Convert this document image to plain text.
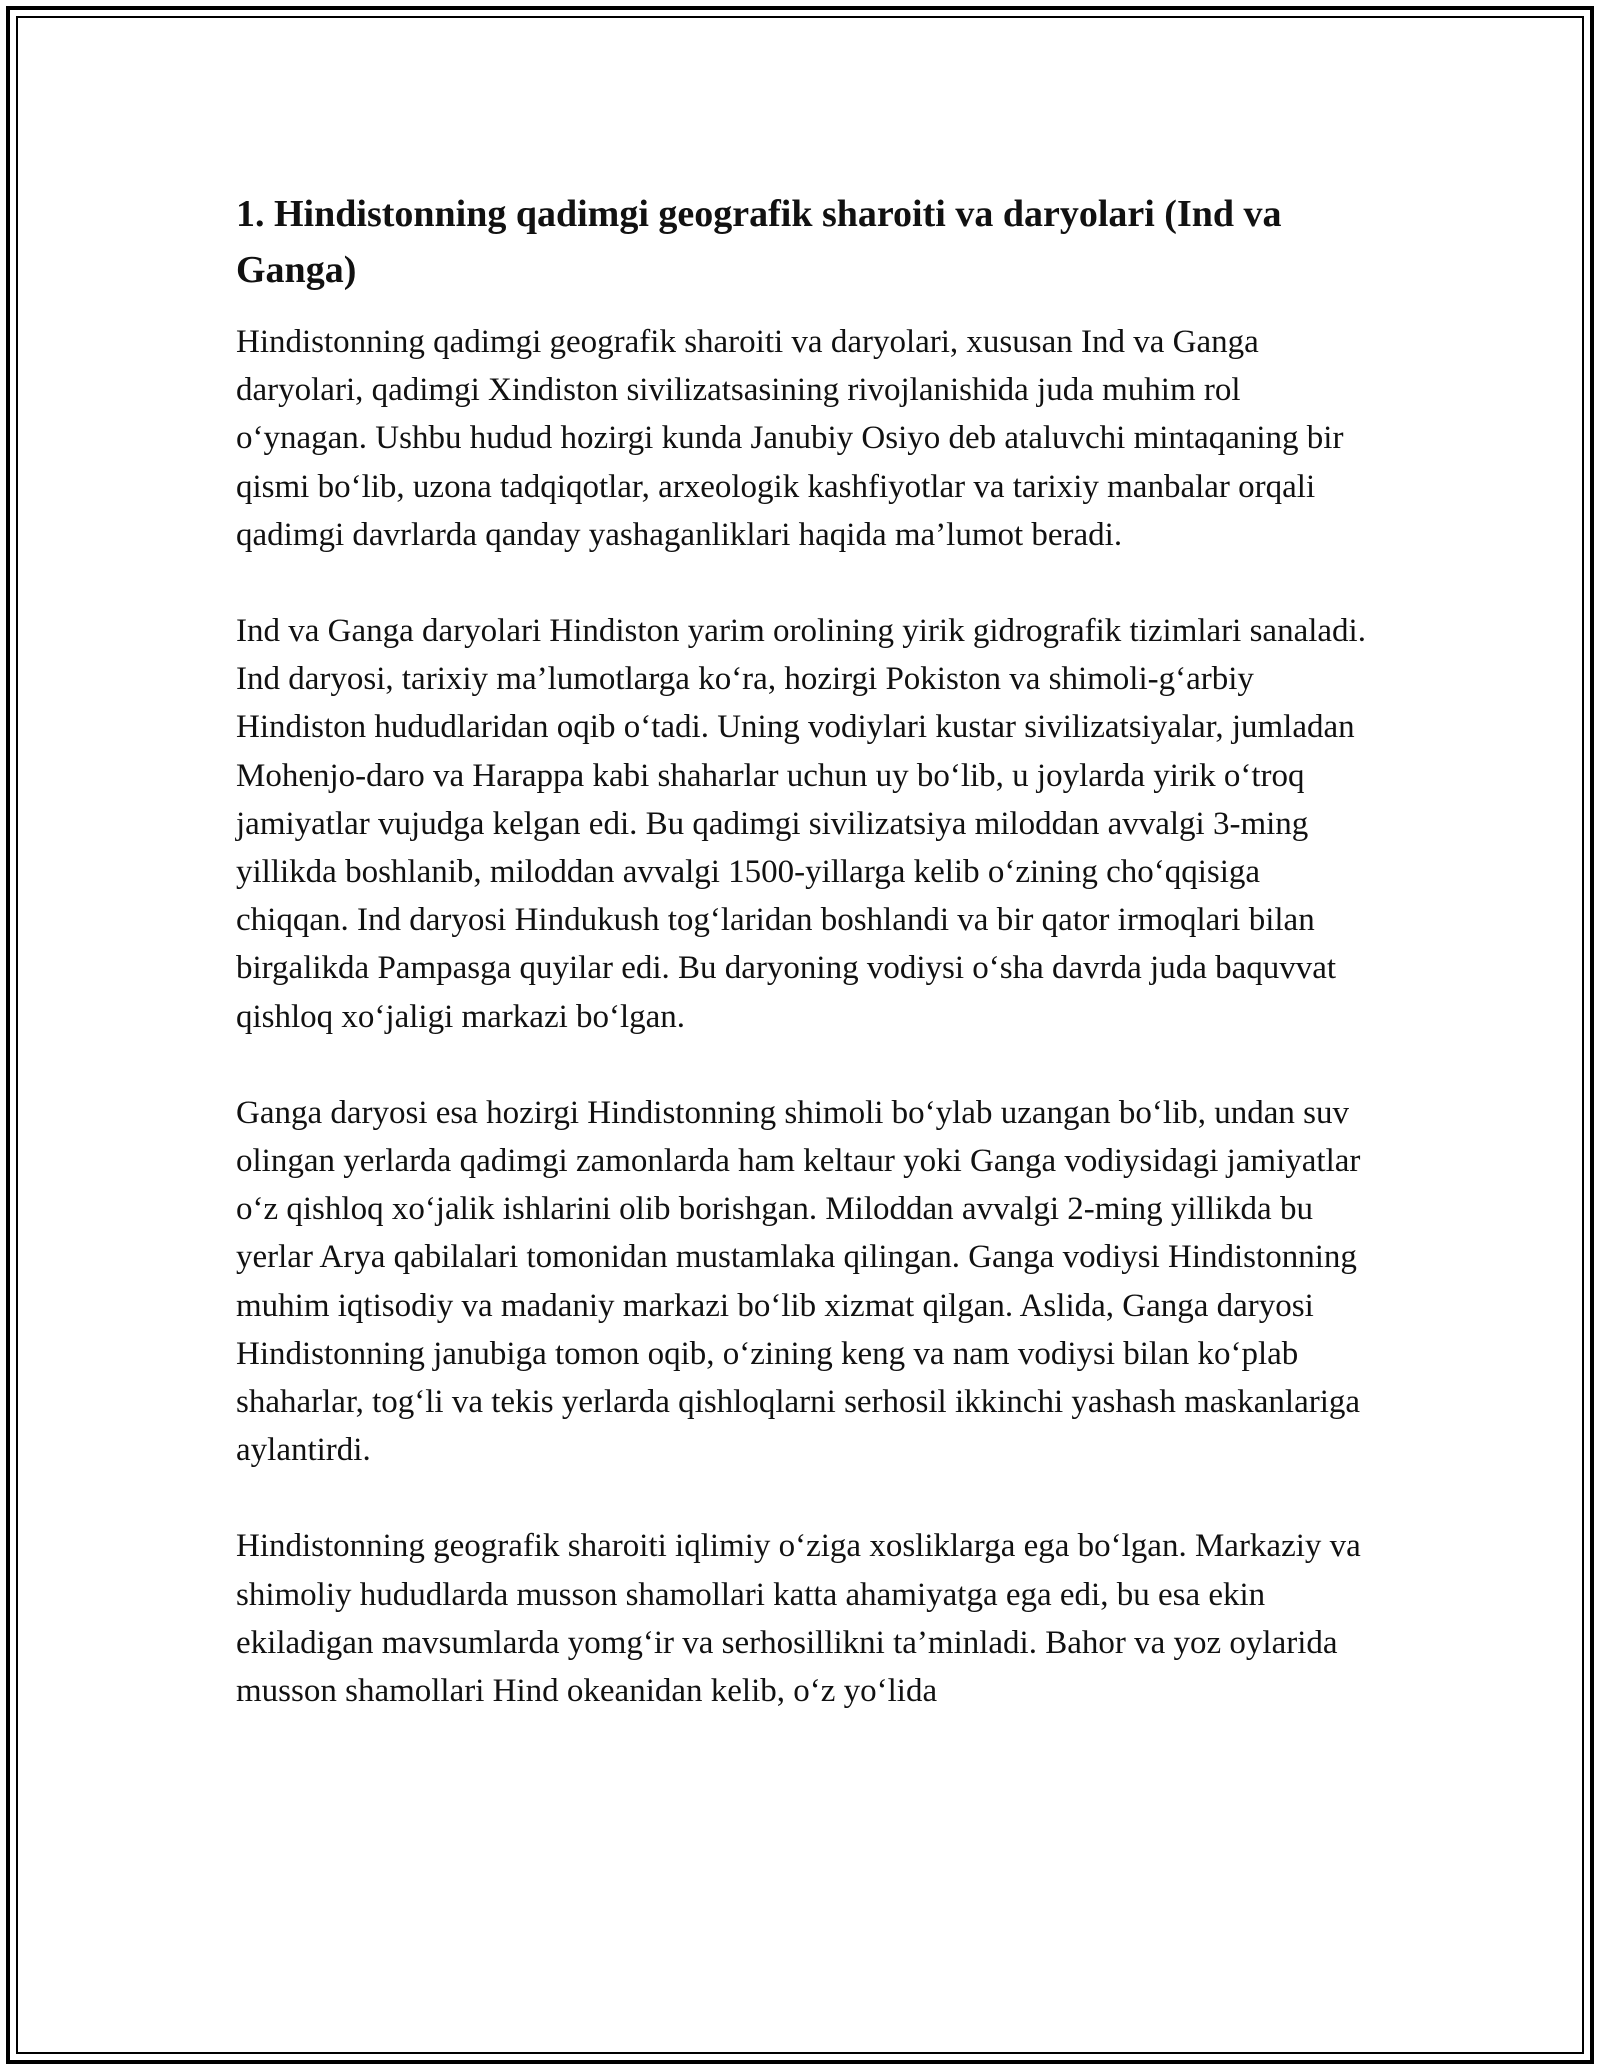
1. Hindistonning qadimgi geografik sharoiti va daryolari (Ind va Ganga)

Hindistonning qadimgi geografik sharoiti va daryolari, xususan Ind va Ganga daryolari, qadimgi Xindiston sivilizatsasining rivojlanishida juda muhim rol o‘ynagan. Ushbu hudud hozirgi kunda Janubiy Osiyo deb ataluvchi mintaqaning bir qismi bo‘lib, uzona tadqiqotlar, arxeologik kashfiyotlar va tarixiy manbalar orqali qadimgi davrlarda qanday yashaganliklari haqida ma’lumot beradi.

Ind va Ganga daryolari Hindiston yarim orolining yirik gidrografik tizimlari sanaladi. Ind daryosi, tarixiy ma’lumotlarga ko‘ra, hozirgi Pokiston va shimoli-g‘arbiy Hindiston hududlaridan oqib o‘tadi. Uning vodiylari kustar sivilizatsiyalar, jumladan Mohenjo-daro va Harappa kabi shaharlar uchun uy bo‘lib, u joylarda yirik o‘troq jamiyatlar vujudga kelgan edi. Bu qadimgi sivilizatsiya miloddan avvalgi 3-ming yillikda boshlanib, miloddan avvalgi 1500-yillarga kelib o‘zining cho‘qqisiga chiqqan. Ind daryosi Hindukush tog‘laridan boshlandi va bir qator irmoqlari bilan birgalikda Pampasga quyilar edi. Bu daryoning vodiysi o‘sha davrda juda baquvvat qishloq xo‘jaligi markazi bo‘lgan.

Ganga daryosi esa hozirgi Hindistonning shimoli bo‘ylab uzangan bo‘lib, undan suv olingan yerlarda qadimgi zamonlarda ham keltaur yoki Ganga vodiysidagi jamiyatlar o‘z qishloq xo‘jalik ishlarini olib borishgan. Miloddan avvalgi 2-ming yillikda bu yerlar Arya qabilalari tomonidan mustamlaka qilingan. Ganga vodiysi Hindistonning muhim iqtisodiy va madaniy markazi bo‘lib xizmat qilgan. Aslida, Ganga daryosi Hindistonning janubiga tomon oqib, o‘zining keng va nam vodiysi bilan ko‘plab shaharlar, tog‘li va tekis yerlarda qishloqlarni serhosil ikkinchi yashash maskanlariga aylantirdi.

Hindistonning geografik sharoiti iqlimiy o‘ziga xosliklarga ega bo‘lgan. Markaziy va shimoliy hududlarda musson shamollari katta ahamiyatga ega edi, bu esa ekin ekiladigan mavsumlarda yomg‘ir va serhosillikni ta’minladi. Bahor va yoz oylarida musson shamollari Hind okeanidan kelib, o‘z yo‘lida
